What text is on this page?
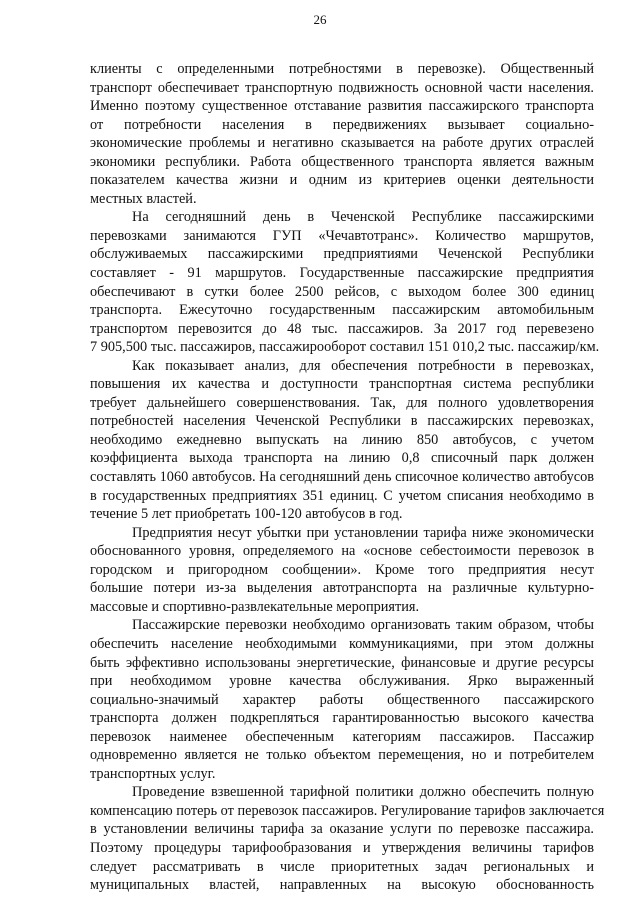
26
клиенты с определенными потребностями в перевозке). Общественный
транспорт обеспечивает транспортную подвижность основной части населения.
Именно поэтому существенное отставание развития пассажирского транспорта
от потребности населения в передвижениях вызывает социально-
экономические проблемы и негативно сказывается на работе других отраслей
экономики республики. Работа общественного транспорта является важным
показателем качества жизни и одним из критериев оценки деятельности
местных властей.
На сегодняшний день в Чеченской Республике пассажирскими
перевозками занимаются ГУП «Чечавтотранс». Количество маршрутов,
обслуживаемых пассажирскими предприятиями Чеченской Республики
составляет - 91 маршрутов. Государственные пассажирские предприятия
обеспечивают в сутки более 2500 рейсов, с выходом более 300 единиц
транспорта. Ежесуточно государственным пассажирским автомобильным
транспортом перевозится до 48 тыс. пассажиров. За 2017 год перевезено
7 905,500 тыс. пассажиров, пассажирооборот составил 151 010,2 тыс. пассажир/км.
Как показывает анализ, для обеспечения потребности в перевозках,
повышения их качества и доступности транспортная система республики
требует дальнейшего совершенствования. Так, для полного удовлетворения
потребностей населения Чеченской Республики в пассажирских перевозках,
необходимо ежедневно выпускать на линию 850 автобусов, с учетом
коэффициента выхода транспорта на линию 0,8 списочный парк должен
составлять 1060 автобусов. На сегодняшний день списочное количество автобусов
в государственных предприятиях 351 единиц. С учетом списания необходимо в
течение 5 лет приобретать 100-120 автобусов в год.
Предприятия несут убытки при установлении тарифа ниже экономически
обоснованного уровня, определяемого на «основе себестоимости перевозок в
городском и пригородном сообщении». Кроме того предприятия несут
большие потери из-за выделения автотранспорта на различные культурно-
массовые и спортивно-развлекательные мероприятия.
Пассажирские перевозки необходимо организовать таким образом, чтобы
обеспечить население необходимыми коммуникациями, при этом должны
быть эффективно использованы энергетические, финансовые и другие ресурсы
при необходимом уровне качества обслуживания. Ярко выраженный
социально-значимый характер работы общественного пассажирского
транспорта должен подкрепляться гарантированностью высокого качества
перевозок наименее обеспеченным категориям пассажиров. Пассажир
одновременно является не только объектом перемещения, но и потребителем
транспортных услуг.
Проведение взвешенной тарифной политики должно обеспечить полную
компенсацию потерь от перевозок пассажиров. Регулирование тарифов заключается
в установлении величины тарифа за оказание услуги по перевозке пассажира.
Поэтому процедуры тарифообразования и утверждения величины тарифов
следует рассматривать в числе приоритетных задач региональных и
муниципальных властей, направленных на высокую обоснованность
